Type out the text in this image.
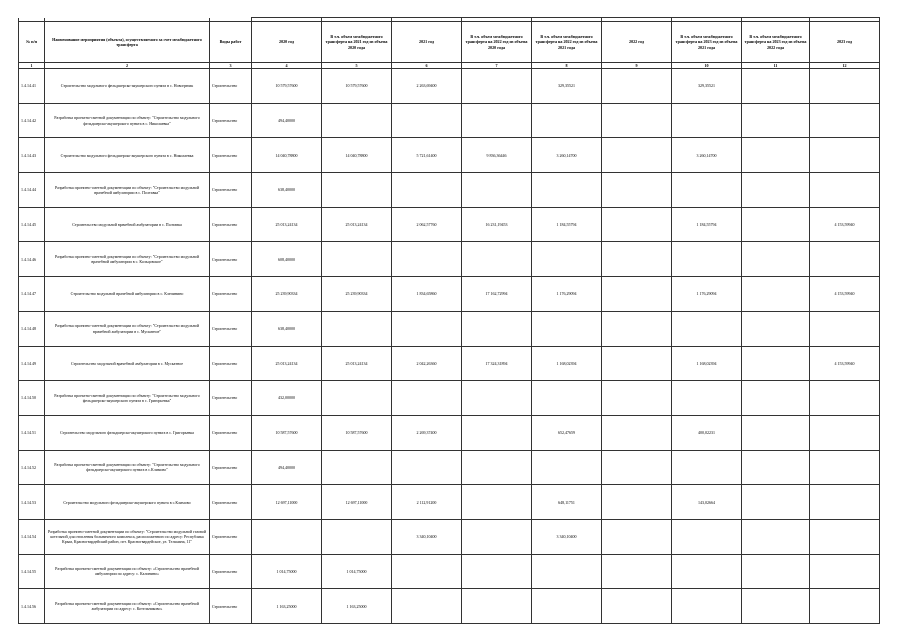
№ п/п	Наименование мероприятия (объекта), осуществляемого за счет межбюджетного трансферта	Виды работ	2020 год	В т.ч. объем межбюджетного трансферта на 2021 год из объема 2020 года	2021 год	В т.ч. объем межбюджетного трансферта на 2022 год из объема 2020 года	В т.ч. объем межбюджетного трансферта на 2022 год из объема 2021 года	2022 год	В т.ч. объем межбюджетного трансферта на 2023 год из объема 2021 года	В т.ч. объем межбюджетного трансферта на 2023 год из объема 2022 года	2023 год
1	2	3	4	5	6	7	8	9	10	11	12
1.4.14.41	Строительство модульного фельдшерско-акушерского пункта в с. Новогрюик	Строительство	10 579,57600	10 579,57600	2 263,69400		329,35521		329,35521		
1.4.14.42	Разработка проектно-сметной документации по объекту: "Строительство модульного фельдшерско-акушерского пункта в с. Николаевка"	Строительство	494,40000								
1.4.14.43	Строительство модульного фельдшерско-акушерского пункта в с. Николаевка	Строительство	14 040,78800	14 040,78800	5 721,61400	9 836,36446	3 260,14700		3 260,14700		
1.4.14.44	Разработка проектно-сметной документации по объекту: "Строительство модульной врачебной амбулатории в с. Полтавка"	Строительство	638,40000								
1.4.14.45	Строительство модульной врачебной амбулатории в с. Полтавка	Строительство	25 013,24134	25 013,24134	2 062,57760	16 231,19453	1 184,55794		1 184,55794		4 153,59940
1.4.14.46	Разработка проектно-сметной документации по объекту: "Строительство модульной врачебной амбулатории в с. Кольцовское"	Строительство	608,40000								
1.4.14.47	Строительство модульной врачебной амбулатории в с. Клепинино	Строительство	25 239,90334	25 239,90334	1 834,65860	17 162,72994	1 176,29094		1 176,29094		4 153,59940
1.4.14.48	Разработка проектно-сметной документации по объекту: "Строительство модульной врачебной амбулатории в с. Мускатное"	Строительство	638,40000								
1.4.14.49	Строительство модульной врачебной амбулатории в с. Мускатное	Строительство	25 013,24134	25 013,24134	2 042,26360	17 324,31894	1 168,02394		1 168,02394		4 153,59940
1.4.14.50	Разработка проектно-сметной документации по объекту: "Строительство модульного фельдшерско-акушерского пункта в с. Григорьевка"	Строительство	432,00000								
1.4.14.51	Строительство модульного фельдшерско-акушерского пункта в с. Григорьевка	Строительство	10 587,57600	10 587,57600	2 269,37400		652,47659		400,02231		
1.4.14.52	Разработка проектно-сметной документации по объекту: "Строительство модульного фельдшерско-акушерского пункта в с.Климово"	Строительство	494,40000								
1.4.14.53	Строительство модульного фельдшерско-акушерского пункта в с.Климово	Строительство	12 697,11000	12 697,11000	2 112,91200		648,11751		143,02664		
1.4.14.54	Разработка проектно-сметной документации по объекту: "Строительство модульной газовой котельной для отопления больничного комплекса, расположенного по адресу: Республика Крым, Красногвардейский район, пгт. Красногвардейское, ул. Тельмана, 11"	Строительство			3 340,10400		3 340,10400				
1.4.14.55	Разработка проектно-сметной документации по объекту: «Строительство врачебной амбулатории по адресу: с. Калинино»	Строительство	1 014,75000	1 014,75000							
1.4.14.56	Разработка проектно-сметной документации по объекту: «Строительство врачебной амбулатории по адресу: с. Котельниково»	Строительство	1 163,25000	1 163,25000							
